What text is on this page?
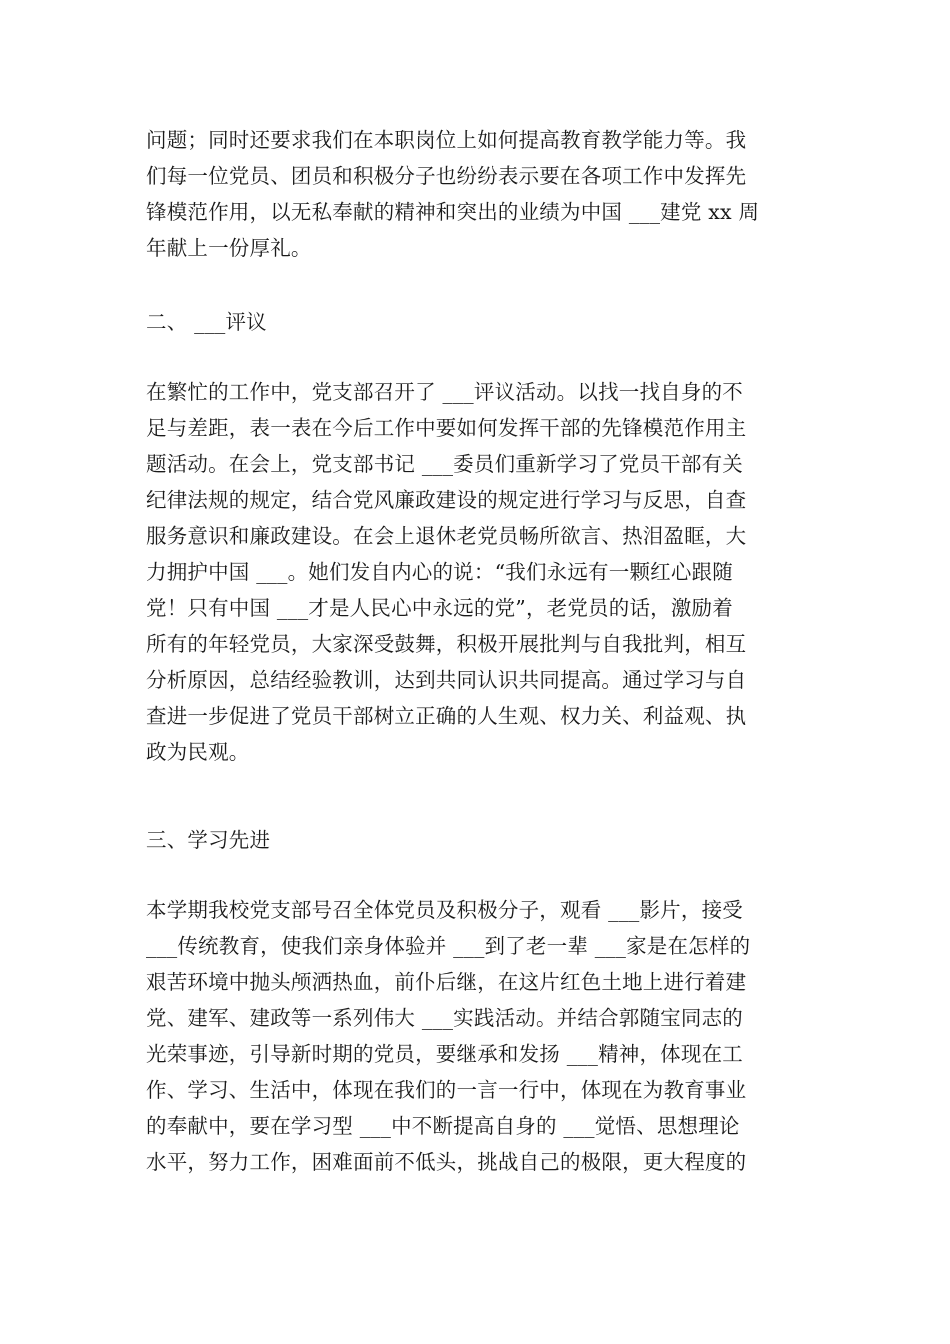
问题；同时还要求我们在本职岗位上如何提高教育教学能力等。我
们每一位党员、团员和积极分子也纷纷表示要在各项工作中发挥先
锋模范作用，以无私奉献的精神和突出的业绩为中国 ___建党 xx 周
年献上一份厚礼。
二、 ___评议
在繁忙的工作中，党支部召开了 ___评议活动。以找一找自身的不
足与差距，表一表在今后工作中要如何发挥干部的先锋模范作用主
题活动。在会上，党支部书记 ___委员们重新学习了党员干部有关
纪律法规的规定，结合党风廉政建设的规定进行学习与反思，自查
服务意识和廉政建设。在会上退休老党员畅所欲言、热泪盈眶，大
力拥护中国 ___。她们发自内心的说：“我们永远有一颗红心跟随
党！只有中国 ___才是人民心中永远的党”，老党员的话，激励着
所有的年轻党员，大家深受鼓舞，积极开展批判与自我批判，相互
分析原因，总结经验教训，达到共同认识共同提高。通过学习与自
查进一步促进了党员干部树立正确的人生观、权力关、利益观、执
政为民观。
三、学习先进
本学期我校党支部号召全体党员及积极分子，观看 ___影片，接受
___传统教育，使我们亲身体验并 ___到了老一辈 ___家是在怎样的
艰苦环境中抛头颅洒热血，前仆后继，在这片红色土地上进行着建
党、建军、建政等一系列伟大 ___实践活动。并结合郭随宝同志的
光荣事迹，引导新时期的党员，要继承和发扬 ___精神，体现在工
作、学习、生活中，体现在我们的一言一行中，体现在为教育事业
的奉献中，要在学习型 ___中不断提高自身的 ___觉悟、思想理论
水平，努力工作，困难面前不低头，挑战自己的极限，更大程度的
